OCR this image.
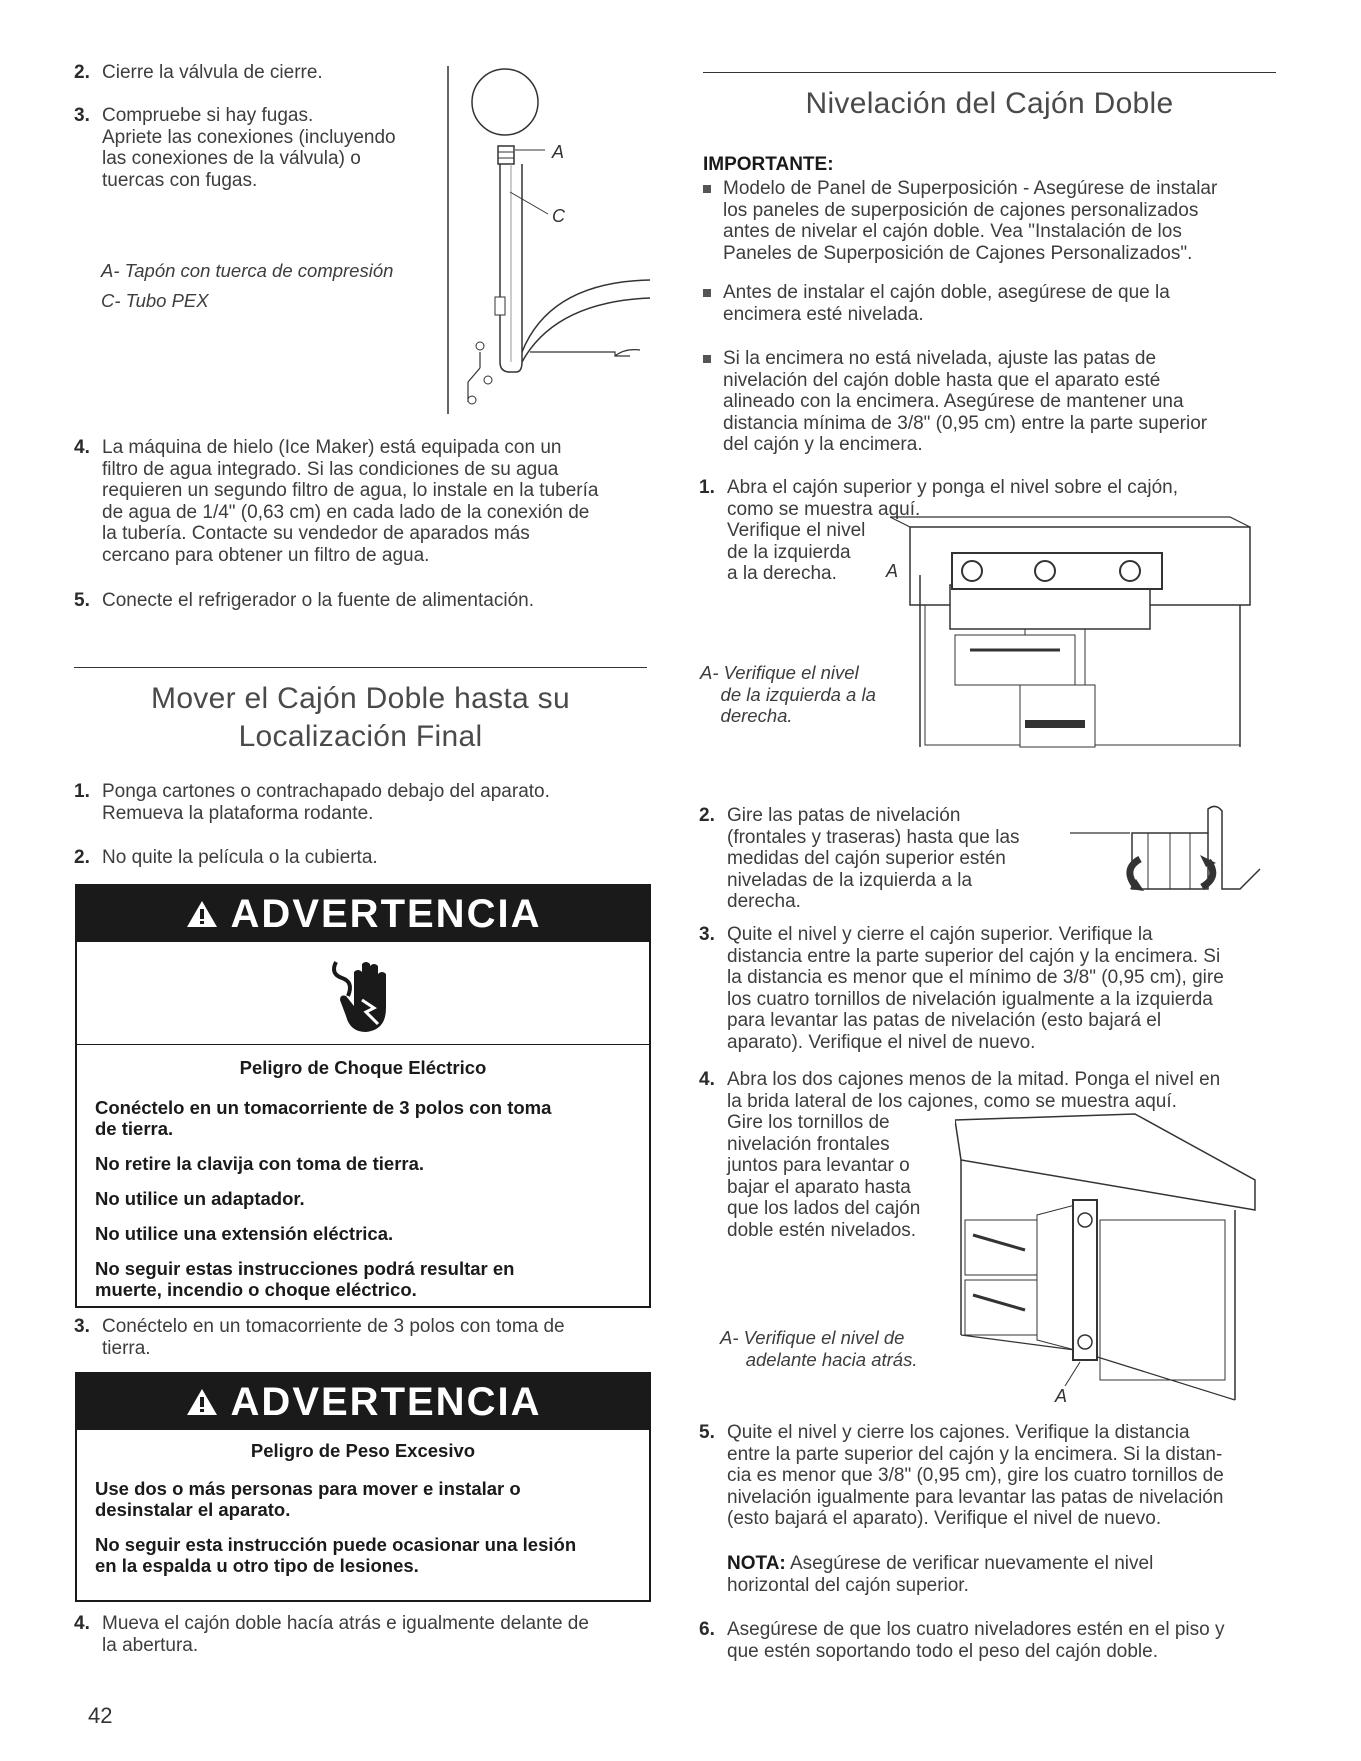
2. Cierre la válvula de cierre.
3. Compruebe si hay fugas.
Apriete las conexiones (incluyendo
las conexiones de la válvula) o
tuercas con fugas.
A- Tapón con tuerca de compresión
C- Tubo PEX
A
C
4. La máquina de hielo (Ice Maker) está equipada con un
filtro de agua integrado. Si las condiciones de su agua
requieren un segundo filtro de agua, lo instale en la tubería
de agua de 1/4" (0,63 cm) en cada lado de la conexión de
la tubería. Contacte su vendedor de aparados más
cercano para obtener un filtro de agua.
5. Conecte el refrigerador o la fuente de alimentación.
Mover el Cajón Doble hasta su
Localización Final
1. Ponga cartones o contrachapado debajo del aparato.
Remueva la plataforma rodante.
2. No quite la película o la cubierta.
ADVERTENCIA
Peligro de Choque Eléctrico

Conéctelo en un tomacorriente de 3 polos con toma
de tierra.

No retire la clavija con toma de tierra.

No utilice un adaptador.

No utilice una extensión eléctrica.

No seguir estas instrucciones podrá resultar en
muerte, incendio o choque eléctrico.

3. Conéctelo en un tomacorriente de 3 polos con toma de
tierra.
ADVERTENCIA
Peligro de Peso Excesivo

Use dos o más personas para mover e instalar o
desinstalar el aparato.

No seguir esta instrucción puede ocasionar una lesión
en la espalda u otro tipo de lesiones.

4. Mueva el cajón doble hacía atrás e igualmente delante de
la abertura.
42
Nivelación del Cajón Doble
IMPORTANTE:
Modelo de Panel de Superposición - Asegúrese de instalar
los paneles de superposición de cajones personalizados
antes de nivelar el cajón doble. Vea "Instalación de los
Paneles de Superposición de Cajones Personalizados".
Antes de instalar el cajón doble, asegúrese de que la
encimera esté nivelada.
Si la encimera no está nivelada, ajuste las patas de
nivelación del cajón doble hasta que el aparato esté
alineado con la encimera. Asegúrese de mantener una
distancia mínima de 3/8" (0,95 cm) entre la parte superior
del cajón y la encimera.
1. Abra el cajón superior y ponga el nivel sobre el cajón,
como se muestra aquí.
Verifique el nivel
de la izquierda
a la derecha.	A
A- Verifique el nivel
de la izquierda a la
derecha.
2. Gire las patas de nivelación
(frontales y traseras) hasta que las
medidas del cajón superior estén
niveladas de la izquierda a la
derecha.
3. Quite el nivel y cierre el cajón superior. Verifique la
distancia entre la parte superior del cajón y la encimera. Si
la distancia es menor que el mínimo de 3/8" (0,95 cm), gire
los cuatro tornillos de nivelación igualmente a la izquierda
para levantar las patas de nivelación (esto bajará el
aparato). Verifique el nivel de nuevo.
4. Abra los dos cajones menos de la mitad. Ponga el nivel en
la brida lateral de los cajones, como se muestra aquí.
Gire los tornillos de
nivelación frontales
juntos para levantar o
bajar el aparato hasta
que los lados del cajón
doble estén nivelados.
A
A- Verifique el nivel de
adelante hacia atrás.
5. Quite el nivel y cierre los cajones. Verifique la distancia
entre la parte superior del cajón y la encimera. Si la distan-
cia es menor que 3/8" (0,95 cm), gire los cuatro tornillos de
nivelación igualmente para levantar las patas de nivelación
(esto bajará el aparato). Verifique el nivel de nuevo.
NOTA: Asegúrese de verificar nuevamente el nivel
horizontal del cajón superior.
6. Asegúrese de que los cuatro niveladores estén en el piso y
que estén soportando todo el peso del cajón doble.
